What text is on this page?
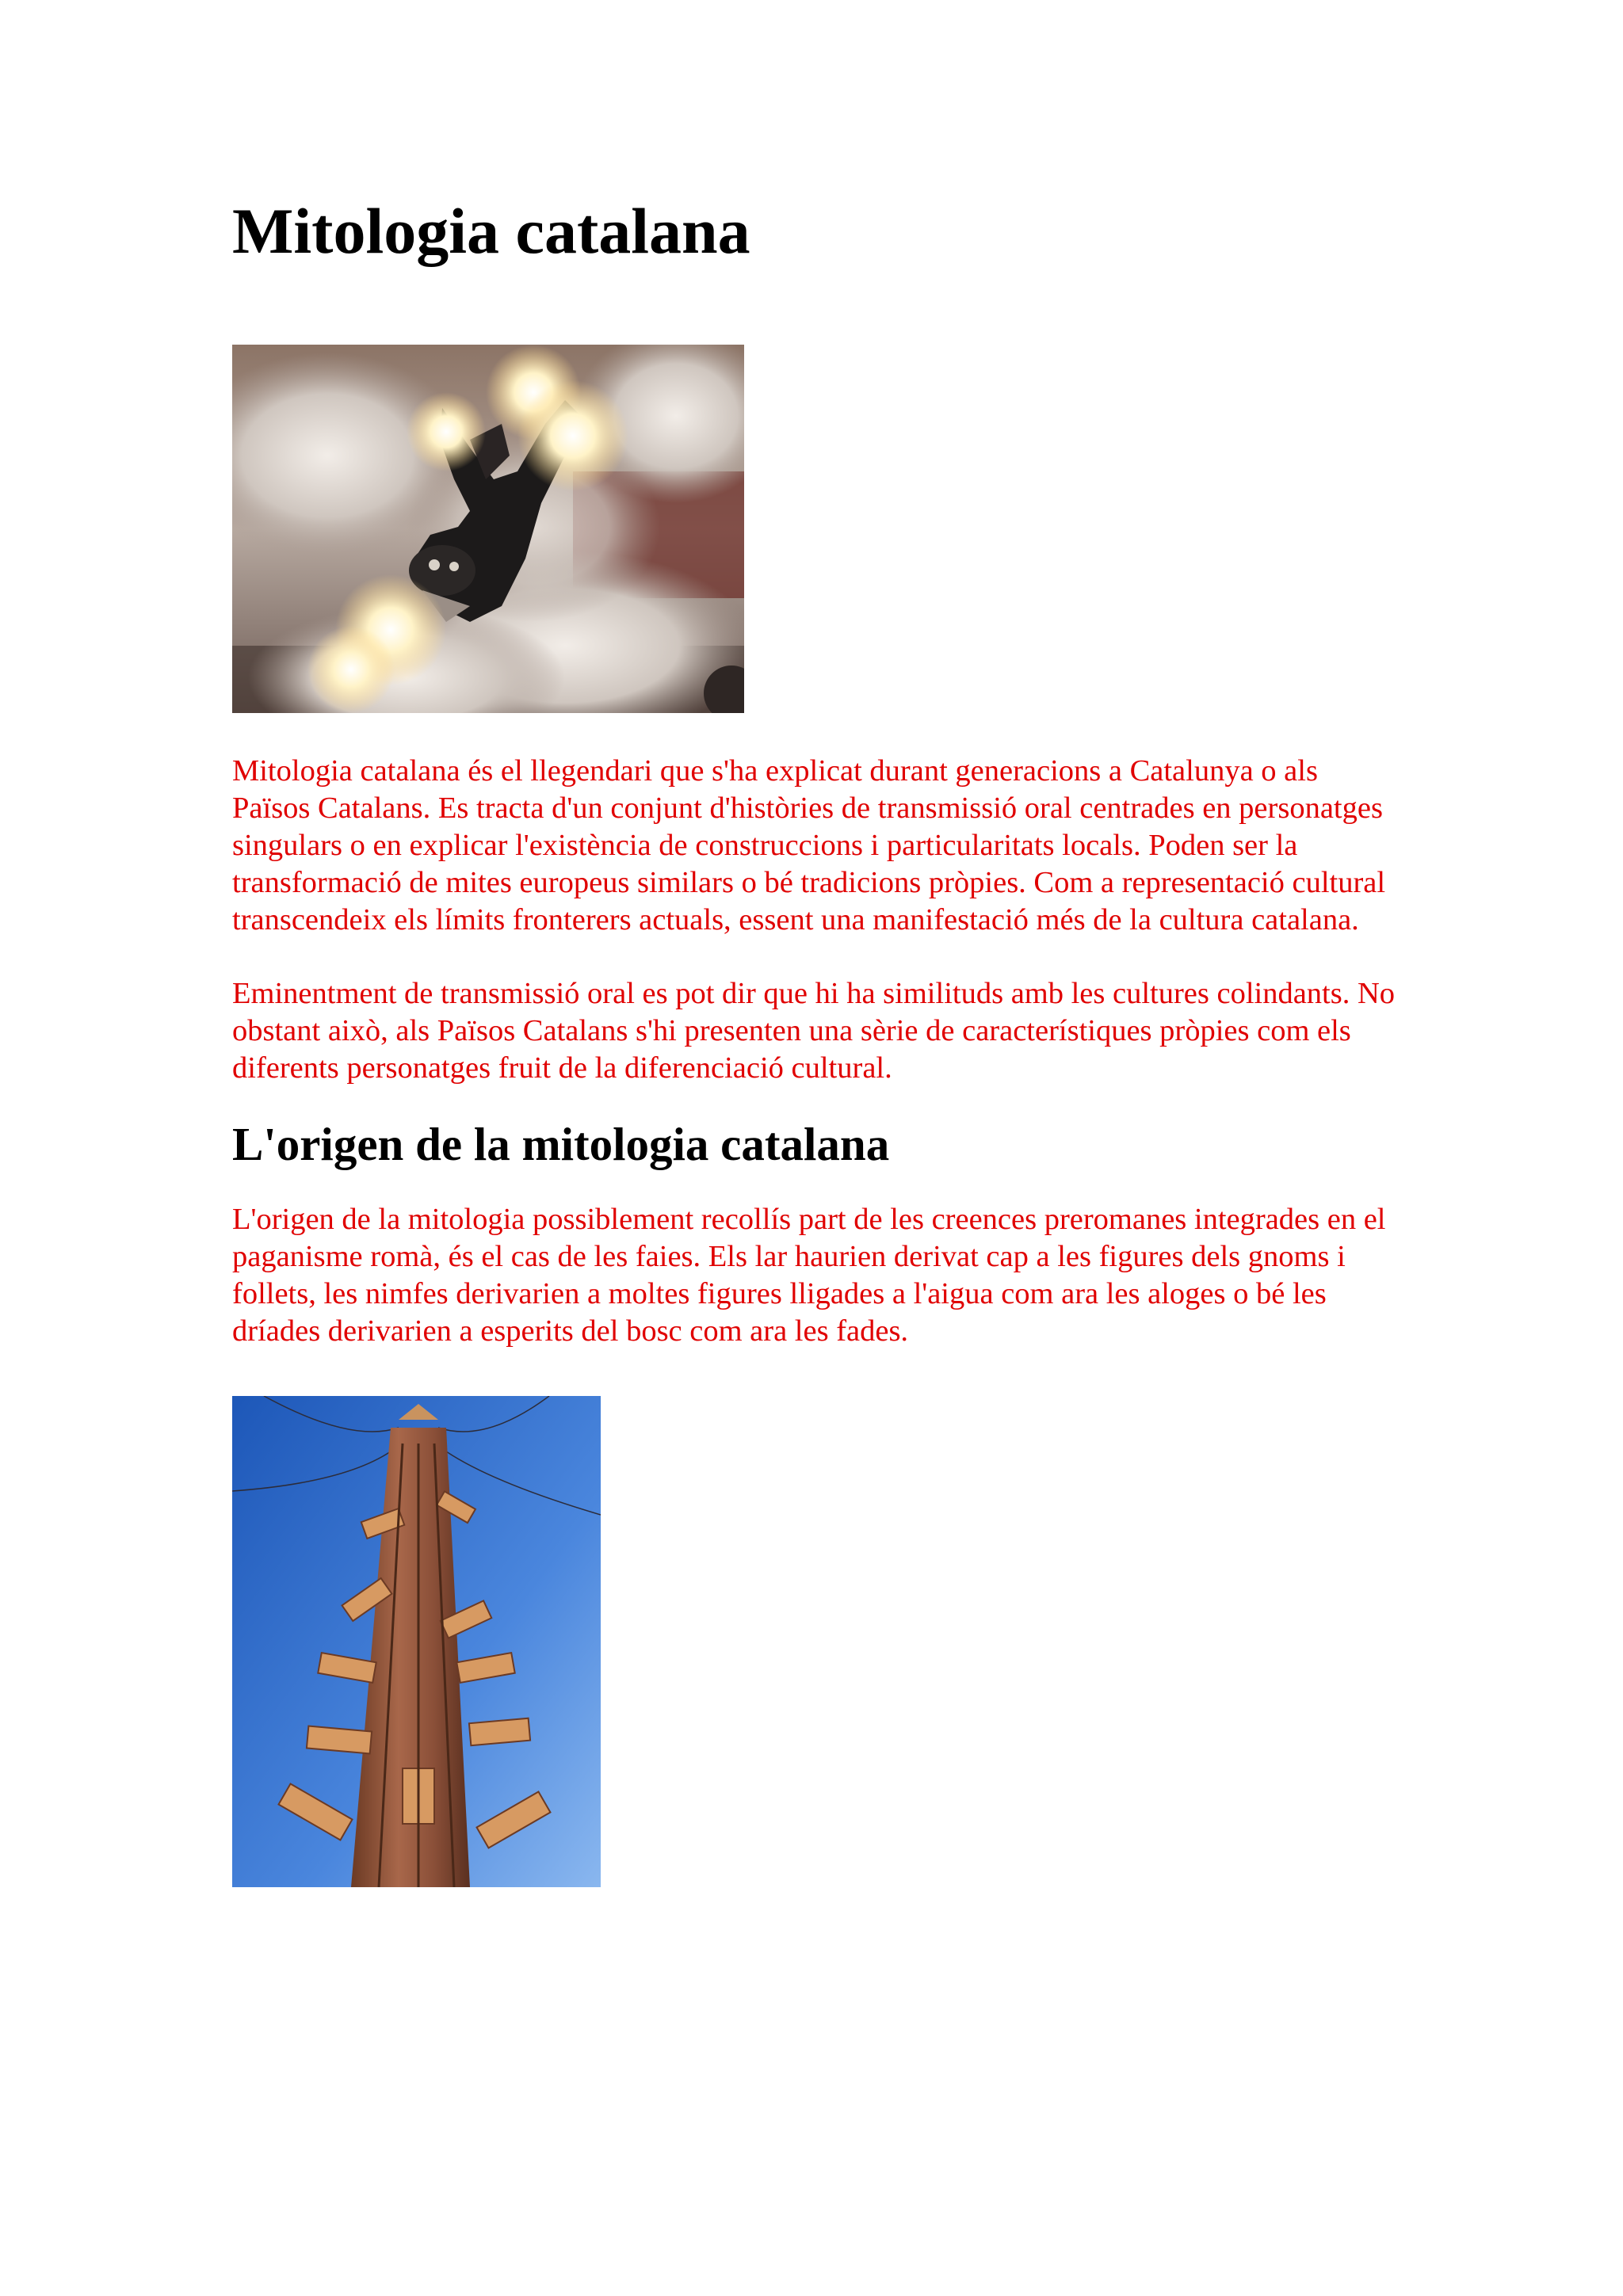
Mitologia catalana

Mitologia catalana és el llegendari que s'ha explicat durant generacions a Catalunya o als Països Catalans. Es tracta d'un conjunt d'històries de transmissió oral centrades en personatges singulars o en explicar l'existència de construccions i particularitats locals. Poden ser la transformació de mites europeus similars o bé tradicions pròpies. Com a representació cultural transcendeix els límits fronterers actuals, essent una manifestació més de la cultura catalana.

Eminentment de transmissió oral es pot dir que hi ha similituds amb les cultures colindants. No obstant això, als Països Catalans s'hi presenten una sèrie de característiques pròpies com els diferents personatges fruit de la diferenciació cultural.

L'origen de la mitologia catalana

L'origen de la mitologia possiblement recollís part de les creences preromanes integrades en el paganisme romà, és el cas de les faies. Els lar haurien derivat cap a les figures dels gnoms i follets, les nimfes derivarien a moltes figures lligades a l'aigua com ara les aloges o bé les dríades derivarien a esperits del bosc com ara les fades.
